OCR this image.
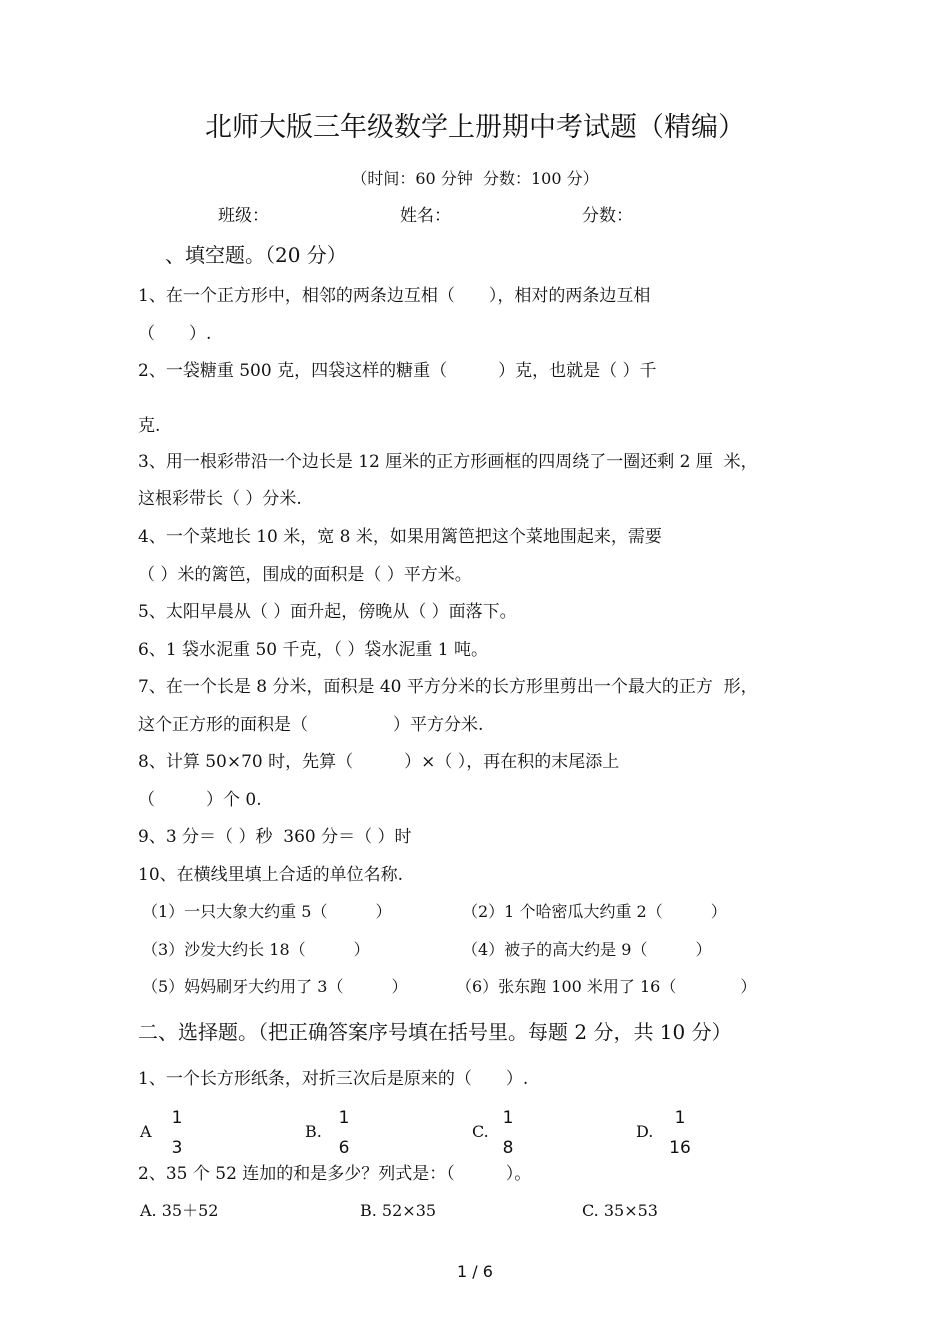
北师大版三年级数学上册期中考试题（精编）
（时间：60 分钟  分数：100 分）
班级：	姓名：	分数：
、填空题。（20 分）
1、在一个正方形中，相邻的两条边互相（　　），相对的两条边互相
（　　）.
2、一袋糖重 500 克，四袋这样的糖重（　　　）克，也就是（ ）千
克.
3、用一根彩带沿一个边长是 12 厘米的正方形画框的四周绕了一圈还剩 2 厘  米，
这根彩带长（ ）分米.
4、一个菜地长 10 米，宽 8 米，如果用篱笆把这个菜地围起来，需要
（ ）米的篱笆，围成的面积是（ ）平方米。
5、太阳早晨从（ ）面升起，傍晚从（ ）面落下。
6、1 袋水泥重 50 千克，（ ）袋水泥重 1 吨。
7、在一个长是 8 分米，面积是 40 平方分米的长方形里剪出一个最大的正方  形，
这个正方形的面积是（　　　　　）平方分米.
8、计算 50×70 时，先算（　　　）×（ ），再在积的末尾添上
（　　　）个 0.
9、3 分＝（ ）秒  360 分＝（ ）时
10、在横线里填上合适的单位名称.
（1）一只大象大约重 5（　　　）	（2）1 个哈密瓜大约重 2（　　　）
（3）沙发大约长 18（　　　）	（4）被子的高大约是 9（　　　）
（5）妈妈刷牙大约用了 3（　　　）	（6）张东跑 100 米用了 16（　　　　）
二、选择题。（把正确答案序号填在括号里。每题 2 分，共 10 分）
1、一个长方形纸条，对折三次后是原来的（　　）.
A
1
3
B.
1
6
C.
1
8
D.
1
16
2、35 个 52 连加的和是多少？列式是：（　　　）。
A. 35＋52	B. 52×35	C. 35×53
1 / 6
